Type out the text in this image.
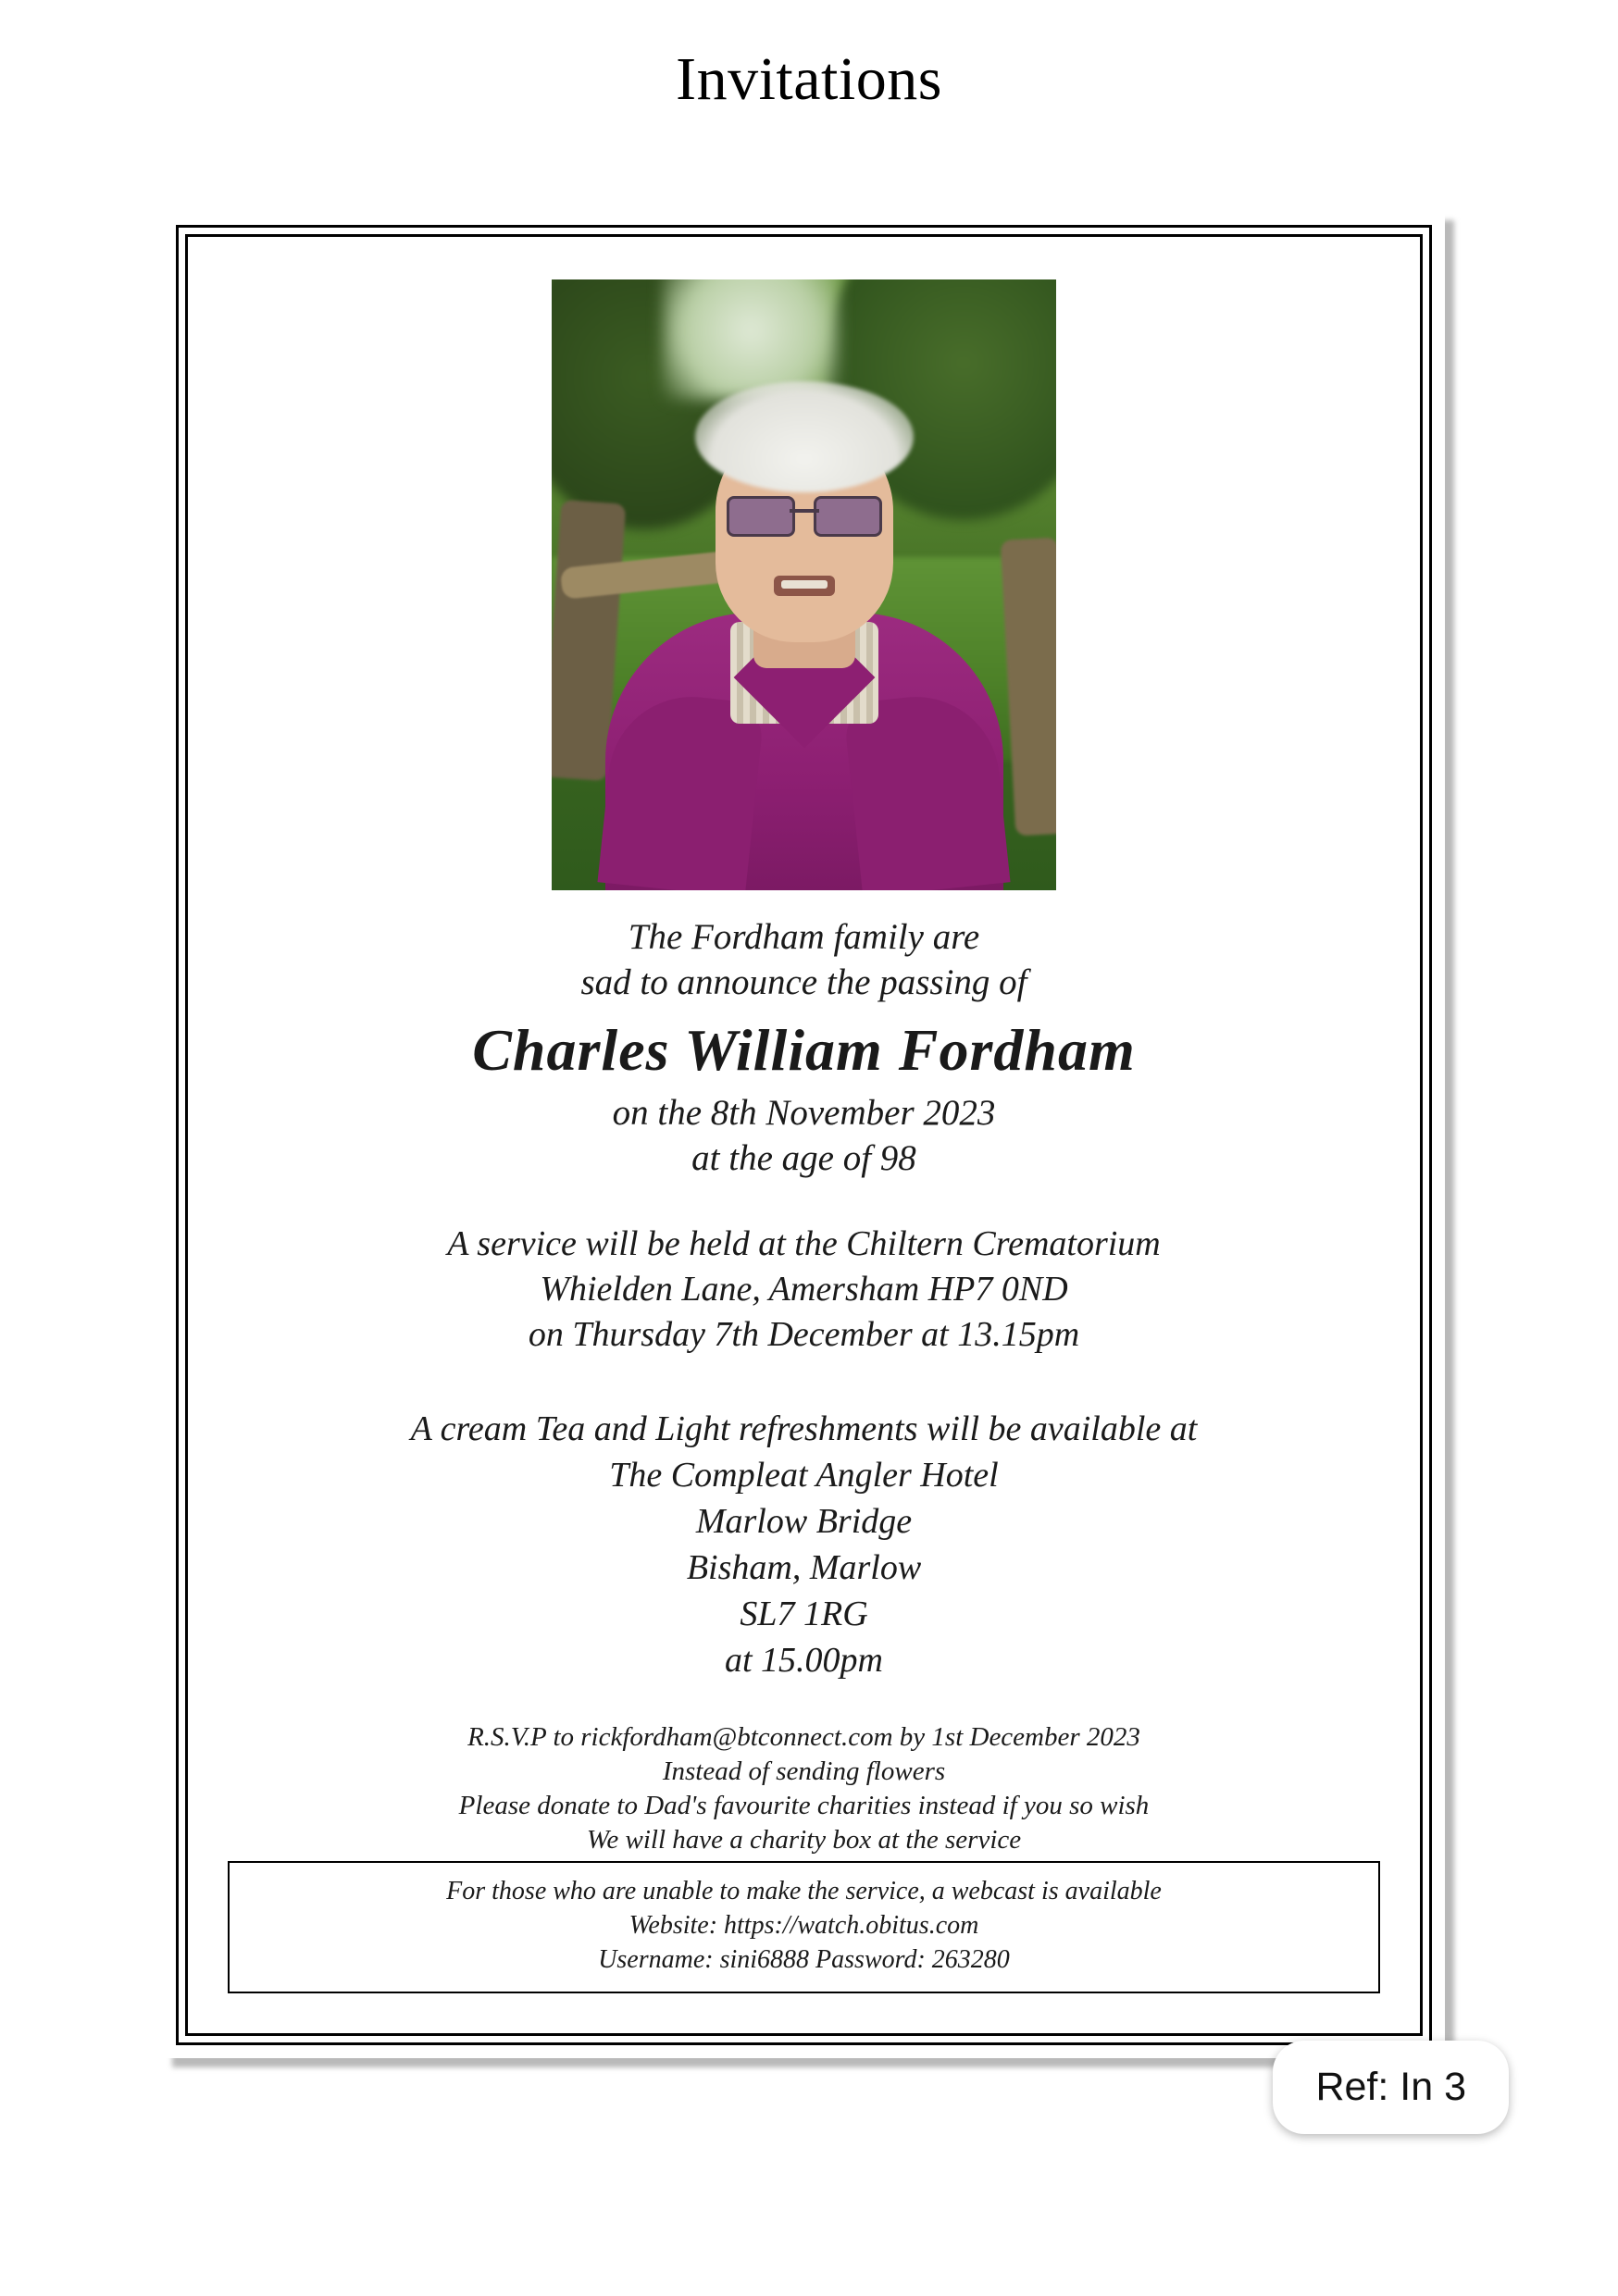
Invitations
The Fordham family are
sad to announce the passing of
Charles William Fordham
on the 8th November 2023
at the age of 98
A service will be held at the Chiltern Crematorium
Whielden Lane, Amersham HP7 0ND
on Thursday 7th December at 13.15pm
A cream Tea and Light refreshments will be available at
The Compleat Angler Hotel
Marlow Bridge
Bisham, Marlow
SL7 1RG
at 15.00pm
R.S.V.P to rickfordham@btconnect.com by 1st December 2023
Instead of sending flowers
Please donate to Dad's favourite charities instead if you so wish
We will have a charity box at the service
For those who are unable to make the service, a webcast is available
Website: https://watch.obitus.com
Username: sini6888 Password: 263280
Ref: In 3
